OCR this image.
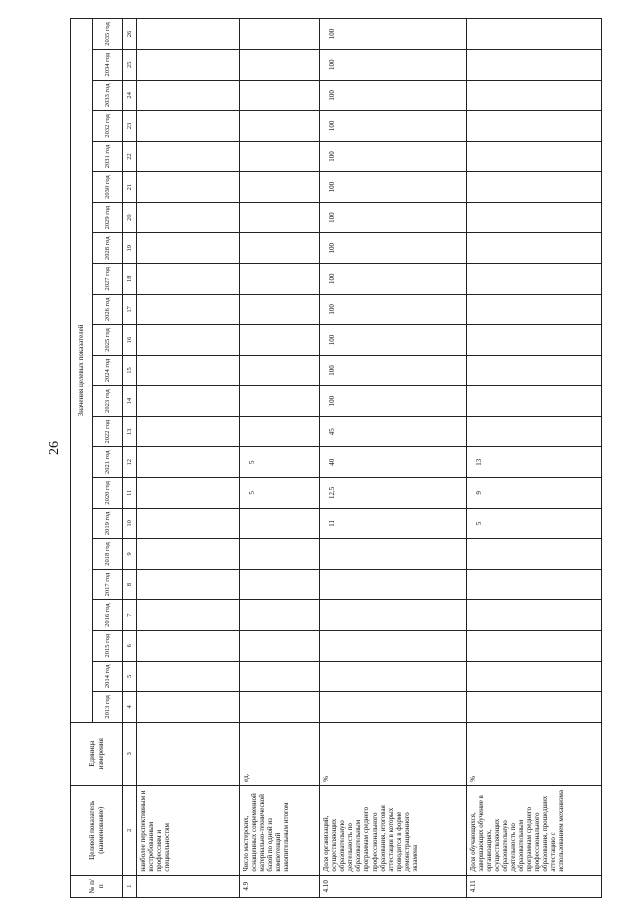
26
№ п/п	Целевой показатель (наименование)	Единица измерения	Значения целевых показателей																						
			2013 год	2014 год	2015 год	2016 год	2017 год	2018 год	2019 год	2020 год	2021 год	2022 год	2023 год	2024 год	2025 год	2026 год	2027 год	2028 год	2029 год	2030 год	2031 год	2032 год	2033 год	2034 год	2035 год
1	2	3	4	5	6	7	8	9	10	11	12	13	14	15	16	17	18	19	20	21	22	23	24	25	26
	наиболее перспективным и востребованным профессиям и специальностям																								
4.9	Число мастерских, оснащенных современной материально-технической базой по одной из компетенций накопительным итогом	ед.								5	5														
4.10	Доля организаций, осуществляющих образовательную деятельность по образовательным программам среднего профессионального образования, итоговая аттестация в которых проводится в форме демонстрационного экзамена	%							11	12,5	40	45	100	100	100	100	100	100	100	100	100	100	100	100	100
4.11	Доля обучающихся, завершающих обучение в организациях, осуществляющих образовательную деятельность по образовательным программам среднего профессионального образования, прошедших аттестацию с использованием механизма	%							5	9	13														
